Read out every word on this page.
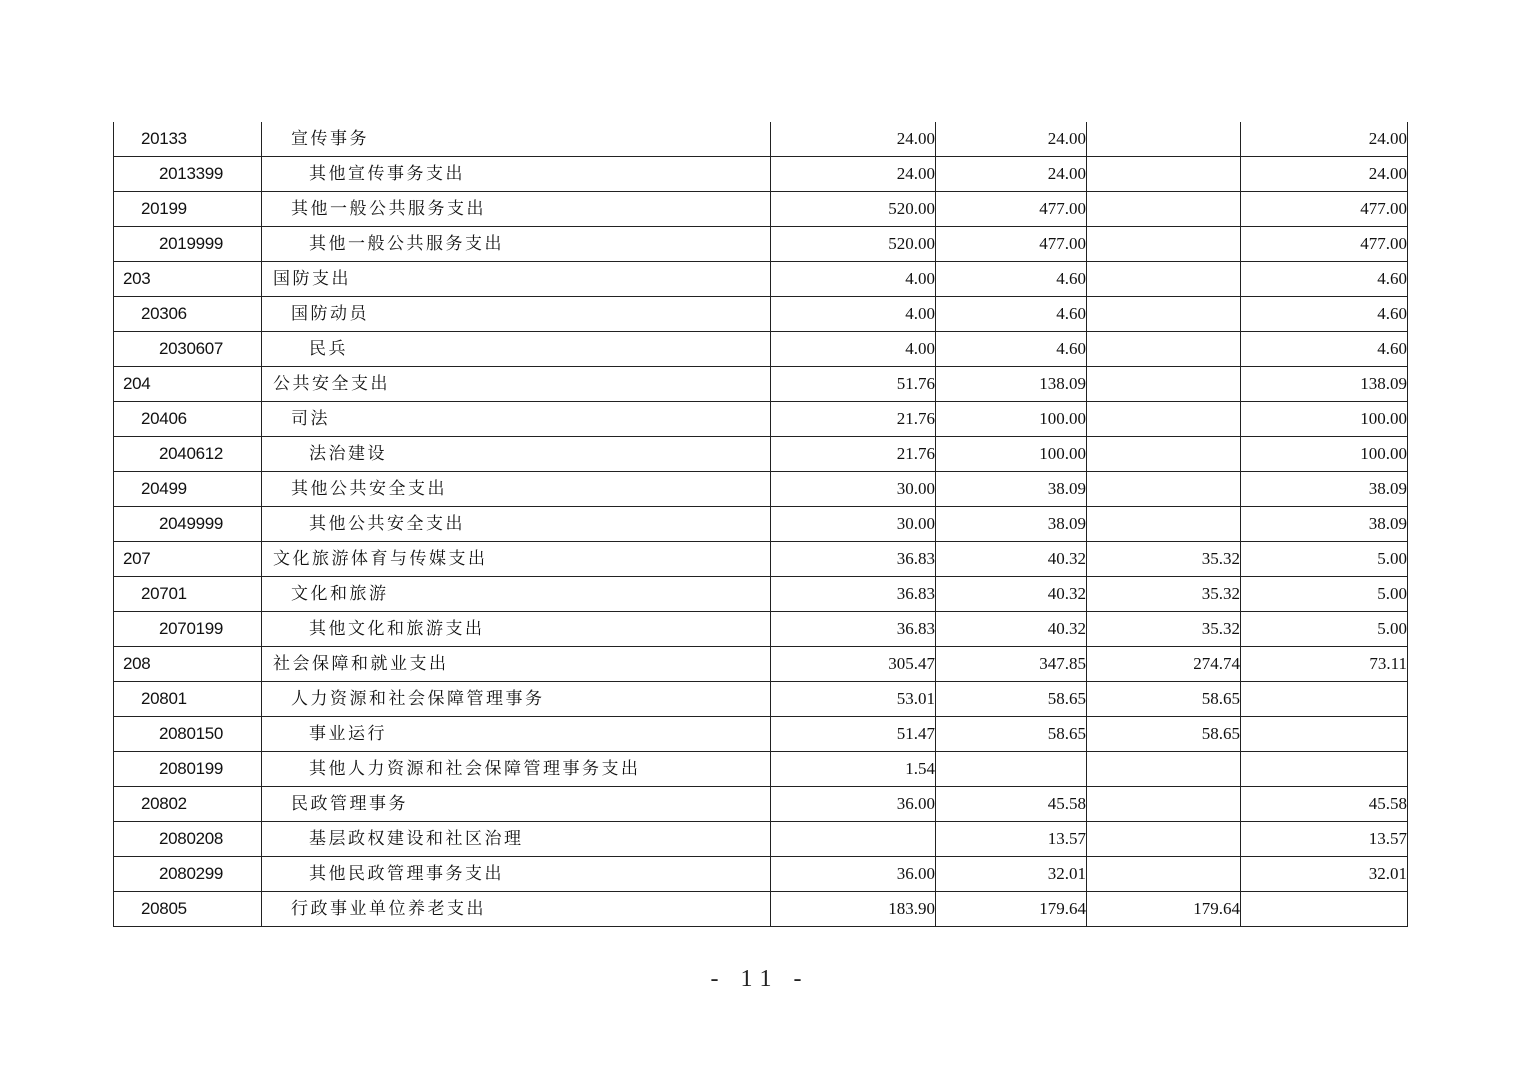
20133	宣传事务	24.00	24.00		24.00
2013399	其他宣传事务支出	24.00	24.00		24.00
20199	其他一般公共服务支出	520.00	477.00		477.00
2019999	其他一般公共服务支出	520.00	477.00		477.00
203	国防支出	4.00	4.60		4.60
20306	国防动员	4.00	4.60		4.60
2030607	民兵	4.00	4.60		4.60
204	公共安全支出	51.76	138.09		138.09
20406	司法	21.76	100.00		100.00
2040612	法治建设	21.76	100.00		100.00
20499	其他公共安全支出	30.00	38.09		38.09
2049999	其他公共安全支出	30.00	38.09		38.09
207	文化旅游体育与传媒支出	36.83	40.32	35.32	5.00
20701	文化和旅游	36.83	40.32	35.32	5.00
2070199	其他文化和旅游支出	36.83	40.32	35.32	5.00
208	社会保障和就业支出	305.47	347.85	274.74	73.11
20801	人力资源和社会保障管理事务	53.01	58.65	58.65	
2080150	事业运行	51.47	58.65	58.65	
2080199	其他人力资源和社会保障管理事务支出	1.54			
20802	民政管理事务	36.00	45.58		45.58
2080208	基层政权建设和社区治理		13.57		13.57
2080299	其他民政管理事务支出	36.00	32.01		32.01
20805	行政事业单位养老支出	183.90	179.64	179.64	
- 11 -
